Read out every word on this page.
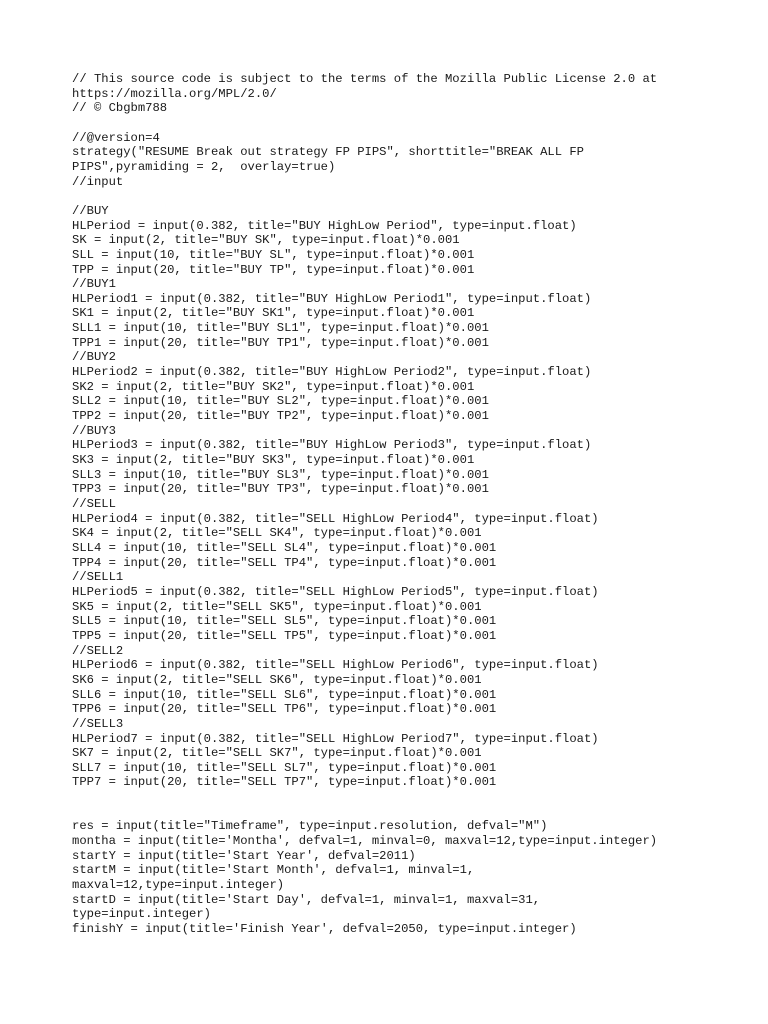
// This source code is subject to the terms of the Mozilla Public License 2.0 at
https://mozilla.org/MPL/2.0/
// © Cbgbm788
//@version=4
strategy("RESUME Break out strategy FP PIPS", shorttitle="BREAK ALL FP
PIPS",pyramiding = 2,  overlay=true)
//input
//BUY
HLPeriod = input(0.382, title="BUY HighLow Period", type=input.float)
SK = input(2, title="BUY SK", type=input.float)*0.001
SLL = input(10, title="BUY SL", type=input.float)*0.001
TPP = input(20, title="BUY TP", type=input.float)*0.001
//BUY1
HLPeriod1 = input(0.382, title="BUY HighLow Period1", type=input.float)
SK1 = input(2, title="BUY SK1", type=input.float)*0.001
SLL1 = input(10, title="BUY SL1", type=input.float)*0.001
TPP1 = input(20, title="BUY TP1", type=input.float)*0.001
//BUY2
HLPeriod2 = input(0.382, title="BUY HighLow Period2", type=input.float)
SK2 = input(2, title="BUY SK2", type=input.float)*0.001
SLL2 = input(10, title="BUY SL2", type=input.float)*0.001
TPP2 = input(20, title="BUY TP2", type=input.float)*0.001
//BUY3
HLPeriod3 = input(0.382, title="BUY HighLow Period3", type=input.float)
SK3 = input(2, title="BUY SK3", type=input.float)*0.001
SLL3 = input(10, title="BUY SL3", type=input.float)*0.001
TPP3 = input(20, title="BUY TP3", type=input.float)*0.001
//SELL
HLPeriod4 = input(0.382, title="SELL HighLow Period4", type=input.float)
SK4 = input(2, title="SELL SK4", type=input.float)*0.001
SLL4 = input(10, title="SELL SL4", type=input.float)*0.001
TPP4 = input(20, title="SELL TP4", type=input.float)*0.001
//SELL1
HLPeriod5 = input(0.382, title="SELL HighLow Period5", type=input.float)
SK5 = input(2, title="SELL SK5", type=input.float)*0.001
SLL5 = input(10, title="SELL SL5", type=input.float)*0.001
TPP5 = input(20, title="SELL TP5", type=input.float)*0.001
//SELL2
HLPeriod6 = input(0.382, title="SELL HighLow Period6", type=input.float)
SK6 = input(2, title="SELL SK6", type=input.float)*0.001
SLL6 = input(10, title="SELL SL6", type=input.float)*0.001
TPP6 = input(20, title="SELL TP6", type=input.float)*0.001
//SELL3
HLPeriod7 = input(0.382, title="SELL HighLow Period7", type=input.float)
SK7 = input(2, title="SELL SK7", type=input.float)*0.001
SLL7 = input(10, title="SELL SL7", type=input.float)*0.001
TPP7 = input(20, title="SELL TP7", type=input.float)*0.001
res = input(title="Timeframe", type=input.resolution, defval="M")
montha = input(title='Montha', defval=1, minval=0, maxval=12,type=input.integer)
startY = input(title='Start Year', defval=2011)
startM = input(title='Start Month', defval=1, minval=1,
maxval=12,type=input.integer)
startD = input(title='Start Day', defval=1, minval=1, maxval=31,
type=input.integer)
finishY = input(title='Finish Year', defval=2050, type=input.integer)
